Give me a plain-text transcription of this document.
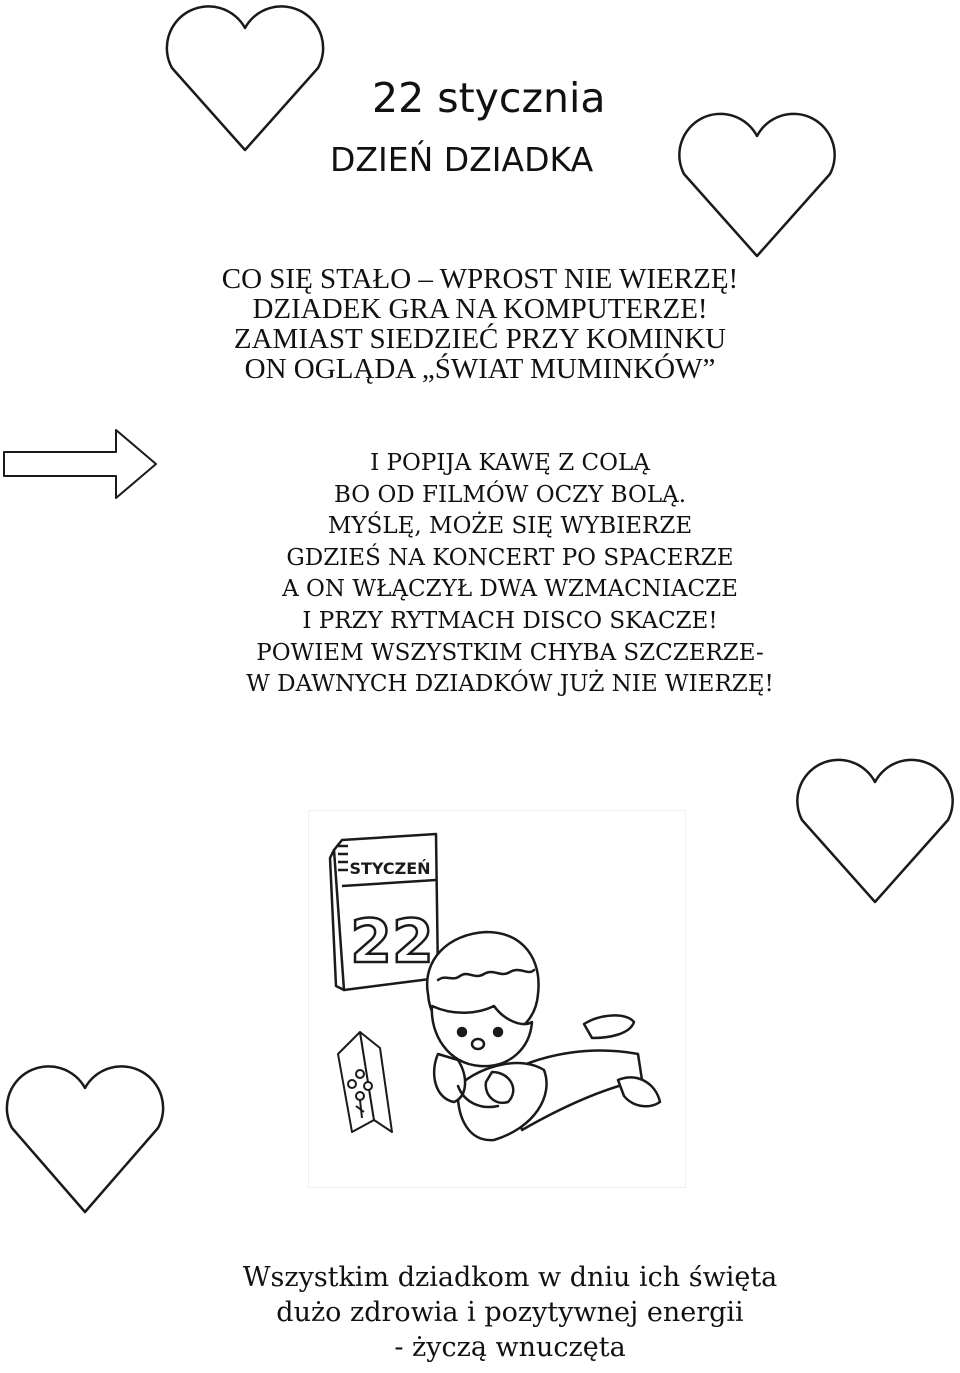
22 stycznia
DZIEŃ DZIADKA
CO SIĘ STAŁO – WPROST NIE WIERZĘ!
DZIADEK GRA NA KOMPUTERZE!
ZAMIAST SIEDZIEĆ PRZY KOMINKU
ON OGLĄDA „ŚWIAT MUMINKÓW”
I POPIJA KAWĘ Z COLĄ
BO OD FILMÓW OCZY BOLĄ.
MYŚLĘ, MOŻE SIĘ WYBIERZE
GDZIEŚ NA KONCERT PO SPACERZE
A ON WŁĄCZYŁ DWA WZMACNIACZE
I PRZY RYTMACH DISCO SKACZE!
POWIEM WSZYSTKIM CHYBA SZCZERZE-
W DAWNYCH DZIADKÓW JUŻ NIE WIERZĘ!
STYCZEŃ
22
Wszystkim dziadkom w dniu ich święta
dużo zdrowia i pozytywnej energii
- życzą wnuczęta
